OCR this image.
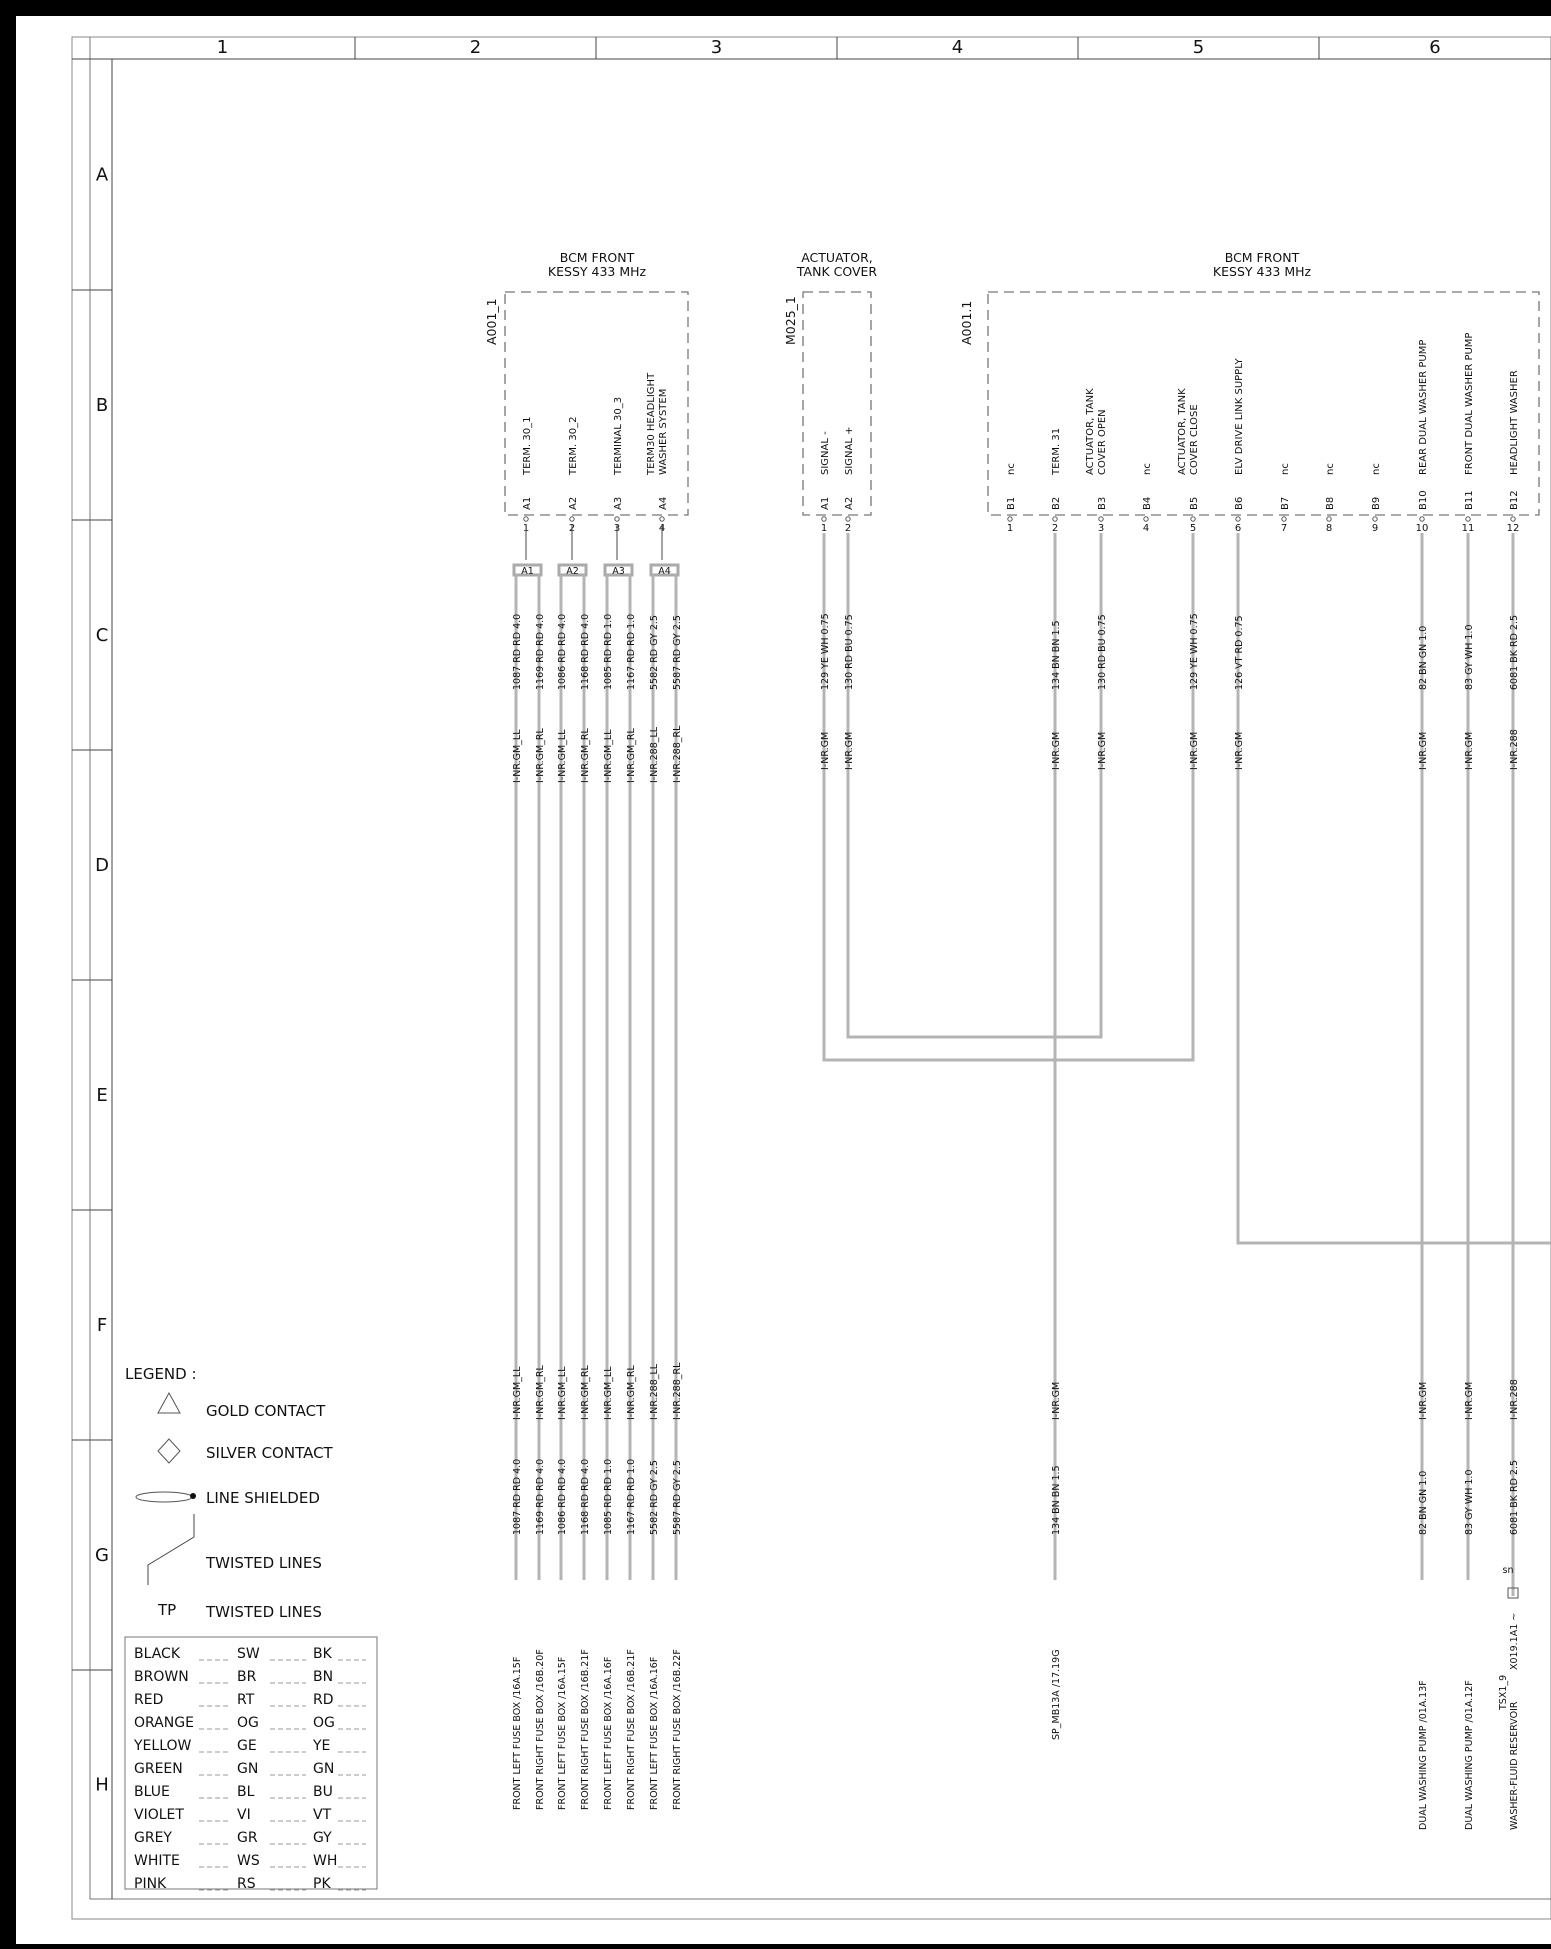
1	2	3	4	5	6
A
B
C
D
E
F
G
H
BCM FRONT
KESSY 433 MHz
A001_1
A1
TERM. 30_1
1
A2
TERM. 30_2
2
A3
TERMINAL 30_3
3
A4
TERM30 HEADLIGHT WASHER SYSTEM
4
ACTUATOR,
TANK COVER
M025_1
A1
SIGNAL -
1
A2
SIGNAL +
2
BCM FRONT
KESSY 433 MHz
A001.1
B1
nc
1
B2
TERM. 31
2
B3
ACTUATOR, TANK COVER OPEN
3
B4
nc
4
B5
ACTUATOR, TANK COVER CLOSE
5
B6
ELV DRIVE LINK SUPPLY
6
B7
nc
7
B8
nc
8
B9
nc
9
B10
REAR DUAL WASHER PUMP
10
B11
FRONT DUAL WASHER PUMP
11
B12
HEADLIGHT WASHER
12
A1	A2	A3	A4
1087 RD RD 4.0
I-NR.GM_LL
I-NR.GM_LL
1087 RD RD 4.0
FRONT LEFT FUSE BOX /16A.15F
1169 RD RD 4.0
I-NR.GM_RL
I-NR.GM_RL
1169 RD RD 4.0
FRONT RIGHT FUSE BOX /16B.20F
1086 RD RD 4.0
I-NR.GM_LL
I-NR.GM_LL
1086 RD RD 4.0
FRONT LEFT FUSE BOX /16A.15F
1168 RD RD 4.0
I-NR.GM_RL
I-NR.GM_RL
1168 RD RD 4.0
FRONT RIGHT FUSE BOX /16B.21F
1085 RD RD 1.0
I-NR.GM_LL
I-NR.GM_LL
1085 RD RD 1.0
FRONT LEFT FUSE BOX /16A.16F
1167 RD RD 1.0
I-NR.GM_RL
I-NR.GM_RL
1167 RD RD 1.0
FRONT RIGHT FUSE BOX /16B.21F
5582 RD GY 2.5
I-NR.288_LL
I-NR.288_LL
5582 RD GY 2.5
FRONT LEFT FUSE BOX /16A.16F
5587 RD GY 2.5
I-NR.288_RL
I-NR.288_RL
5587 RD GY 2.5
FRONT RIGHT FUSE BOX /16B.22F
129 YE WH 0.75
I-NR.GM
130 RD BU 0.75
I-NR.GM
134 BN BN 1.5
I-NR.GM
I-NR.GM
134 BN BN 1.5
SP_MB13A /17.19G
130 RD BU 0.75
I-NR.GM
129 YE WH 0.75
I-NR.GM
126 VT RD 0.75
I-NR.GM
82 BN GN 1.0
I-NR.GM
I-NR.GM
82 BN GN 1.0
DUAL WASHING PUMP /01A.13F
83 GY WH 1.0
I-NR.GM
I-NR.GM
83 GY WH 1.0
DUAL WASHING PUMP /01A.12F
6081 BK RD 2.5
I-NR.288
I-NR.288
6081 BK RD 2.5
X019.1A1 ~
sn
TSX1_9
WASHER-FLUID RESERVOIR
LEGEND :
GOLD CONTACT
SILVER CONTACT
LINE SHIELDED
TWISTED LINES
TP TWISTED LINES
BLACK	SW	BK
BROWN	BR	BN
RED	RT	RD
ORANGE	OG	OG
YELLOW	GE	YE
GREEN	GN	GN
BLUE	BL	BU
VIOLET	VI	VT
GREY	GR	GY
WHITE	WS	WH
PINK	RS	PK
